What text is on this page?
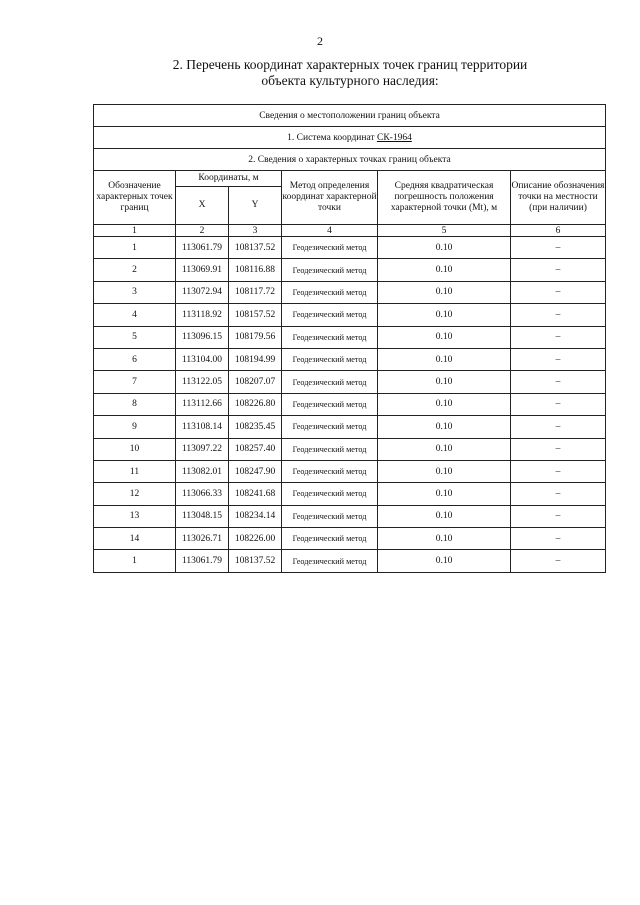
2
2. Перечень координат характерных точек границ территории
объекта культурного наследия:
Сведения о местоположении границ объекта					
1. Система координат СК-1964					
2. Сведения о характерных точках границ объекта					
Обозначение характерных точек границ	Координаты, м		Метод определения координат характерной точки	Средняя квадратическая погрешность положения характерной точки (Мt), м	Описание обозначения точки на местности (при наличии)
	X	Y			
1	2	3	4	5	6
1	113061.79	108137.52	Геодезический метод	0.10	–
2	113069.91	108116.88	Геодезический метод	0.10	–
3	113072.94	108117.72	Геодезический метод	0.10	–
4	113118.92	108157.52	Геодезический метод	0.10	–
5	113096.15	108179.56	Геодезический метод	0.10	–
6	113104.00	108194.99	Геодезический метод	0.10	–
7	113122.05	108207.07	Геодезический метод	0.10	–
8	113112.66	108226.80	Геодезический метод	0.10	–
9	113108.14	108235.45	Геодезический метод	0.10	–
10	113097.22	108257.40	Геодезический метод	0.10	–
11	113082.01	108247.90	Геодезический метод	0.10	–
12	113066.33	108241.68	Геодезический метод	0.10	–
13	113048.15	108234.14	Геодезический метод	0.10	–
14	113026.71	108226.00	Геодезический метод	0.10	–
1	113061.79	108137.52	Геодезический метод	0.10	–
